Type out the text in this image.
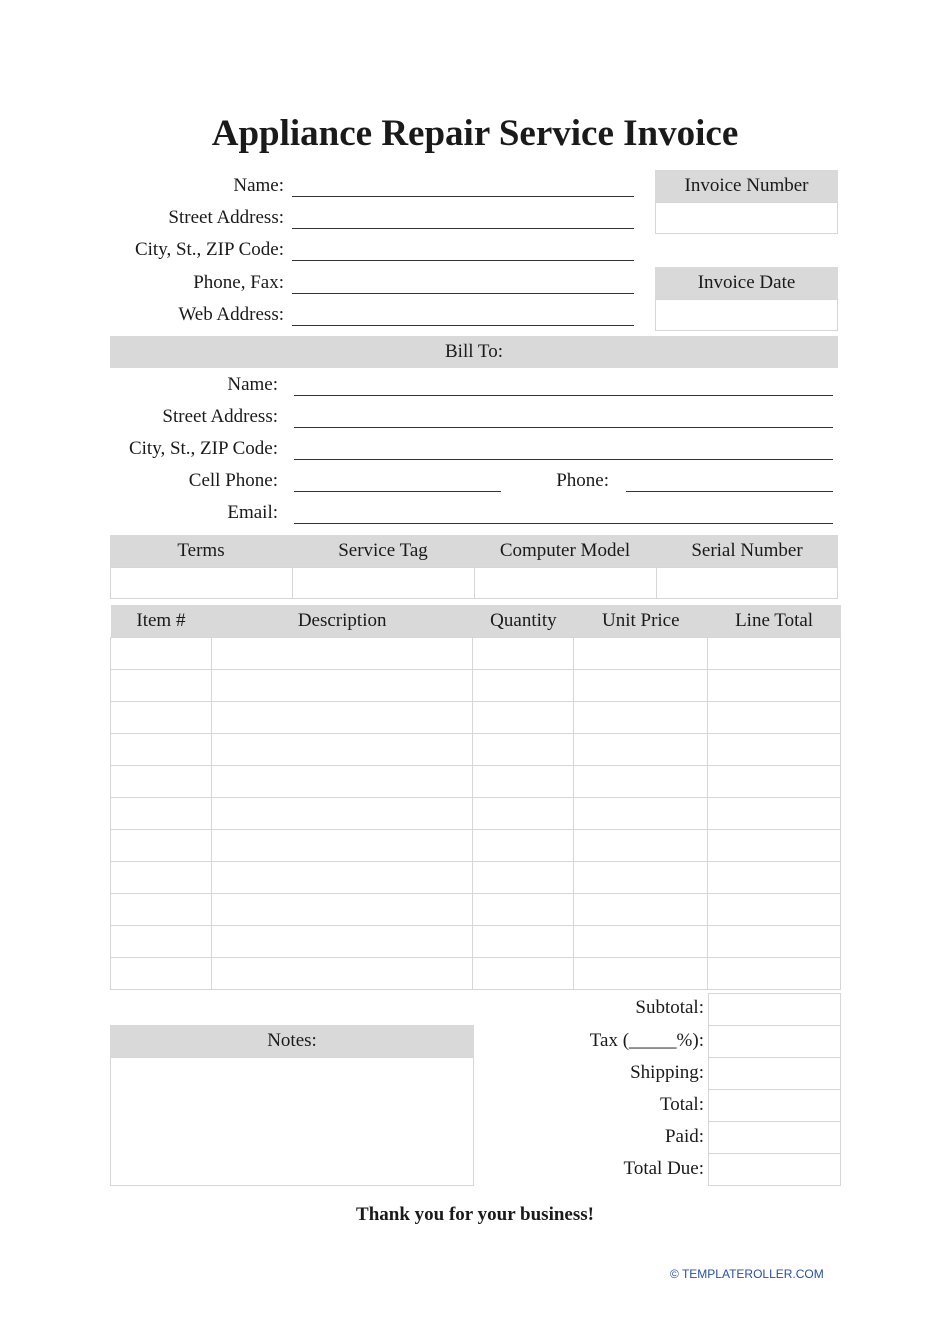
Appliance Repair Service Invoice
Name:
Street Address:
City, St., ZIP Code:
Phone, Fax:
Web Address:
Invoice Number
Invoice Date
Bill To:
Name:
Street Address:
City, St., ZIP Code:
Cell Phone:	Phone:
Email:
Terms	Service Tag	Computer Model	Serial Number
Item #	Description	Quantity	Unit Price	Line Total

Notes:
Subtotal:
Tax (_____%):
Shipping:
Total:
Paid:
Total Due:
Thank you for your business!
© TEMPLATEROLLER.COM
